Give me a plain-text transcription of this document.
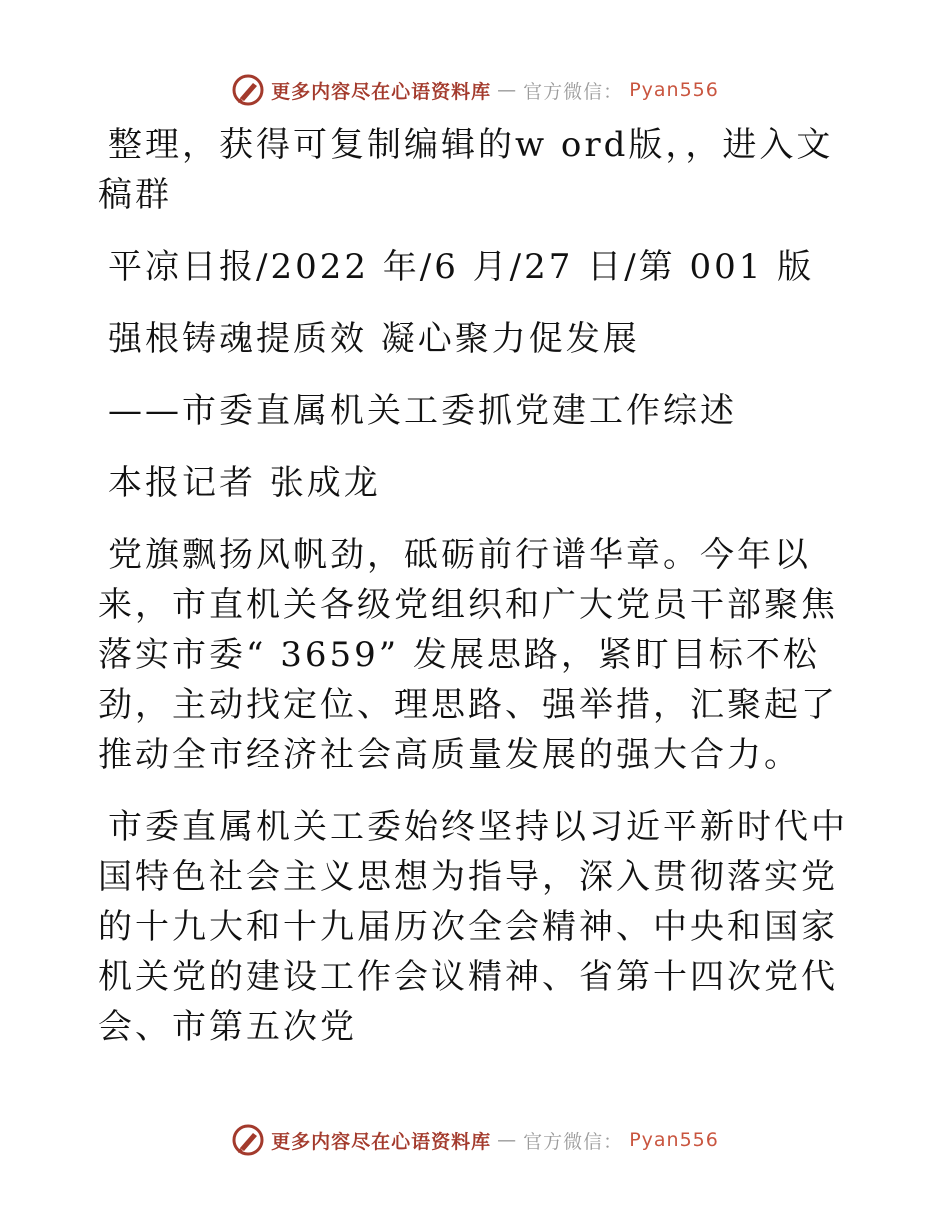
更多内容尽在心语资料库 — 官方微信： Pyan556

整理，获得可复制编辑的w ord版，，进入文稿群

平凉日报/2022 年/6 月/27 日/第 001 版

强根铸魂提质效 凝心聚力促发展

——市委直属机关工委抓党建工作综述

本报记者 张成龙

党旗飘扬风帆劲，砥砺前行谱华章。今年以来，市直机关各级党组织和广大党员干部聚焦落实市委“ 3659” 发展思路，紧盯目标不松劲，主动找定位、理思路、强举措，汇聚起了推动全市经济社会高质量发展的强大合力。

市委直属机关工委始终坚持以习近平新时代中国特色社会主义思想为指导，深入贯彻落实党的十九大和十九届历次全会精神、中央和国家机关党的建设工作会议精神、省第十四次党代会、市第五次党

更多内容尽在心语资料库 — 官方微信： Pyan556
